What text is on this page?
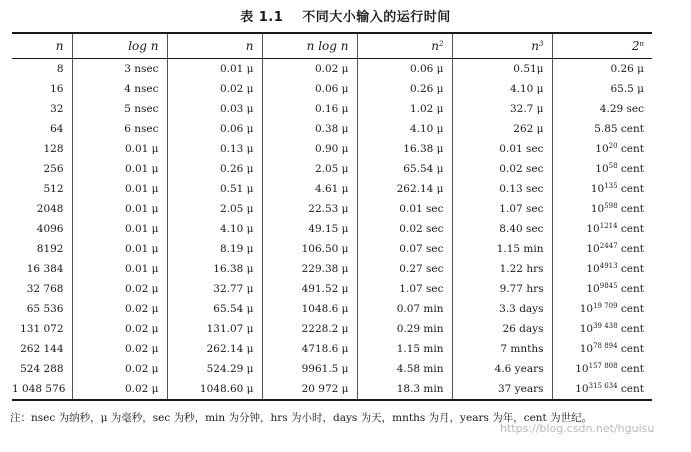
表 1.1 不同大小输入的运行时间
n	log n	n	n log n	$n^2$	$n^3$	2$^n$
8	3 nsec	0.01 μ	0.02 μ	0.06 μ	0.51μ	0.26 μ
16	4 nsec	0.02 μ	0.06 μ	0.26 μ	4.10 μ	65.5 μ
32	5 nsec	0.03 μ	0.16 μ	1.02 μ	32.7 μ	4.29 sec
64	6 nsec	0.06 μ	0.38 μ	4.10 μ	262 μ	5.85 cent
128	0.01 μ	0.13 μ	0.90 μ	16.38 μ	0.01 sec	$10^{20}$ cent
256	0.01 μ	0.26 μ	2.05 μ	65.54 μ	0.02 sec	$10^{58}$ cent
512	0.01 μ	0.51 μ	4.61 μ	262.14 μ	0.13 sec	$10^{135}$ cent
2048	0.01 μ	2.05 μ	22.53 μ	0.01 sec	1.07 sec	$10^{598}$ cent
4096	0.01 μ	4.10 μ	49.15 μ	0.02 sec	8.40 sec	$10^{1214}$ cent
8192	0.01 μ	8.19 μ	106.50 μ	0.07 sec	1.15 min	$10^{2447}$ cent
16 384	0.01 μ	16.38 μ	229.38 μ	0.27 sec	1.22 hrs	$10^{4913}$ cent
32 768	0.02 μ	32.77 μ	491.52 μ	1.07 sec	9.77 hrs	$10^{9845}$ cent
65 536	0.02 μ	65.54 μ	1048.6 μ	0.07 min	3.3 days	$10^{19 709}$ cent
131 072	0.02 μ	131.07 μ	2228.2 μ	0.29 min	26 days	$10^{39 438}$ cent
262 144	0.02 μ	262.14 μ	4718.6 μ	1.15 min	7 mnths	$10^{78 894}$ cent
524 288	0.02 μ	524.29 μ	9961.5 μ	4.58 min	4.6 years	$10^{157 808}$ cent
1 048 576	0.02 μ	1048.60 μ	20 972 μ	18.3 min	37 years	$10^{315 634}$ cent
注：nsec 为纳秒，μ 为毫秒，sec 为秒，min 为分钟，hrs 为小时，days 为天，mnths 为月，years 为年，cent 为世纪。
https://blog.csdn.net/hguisu
